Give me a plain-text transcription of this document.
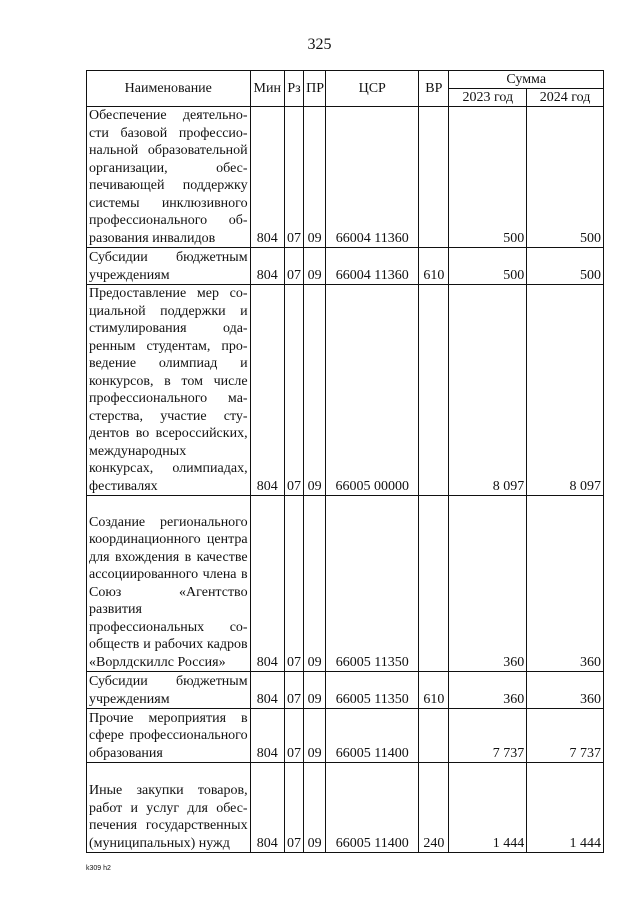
325
Наименование	Мин	Рз	ПР	ЦСР	ВР	Сумма	
						2023 год	2024 год
Обеспечение деятельности базовой профессиональной образовательной организации, обеспечивающей поддержку системы инклюзивного профессионального образования инвалидов	804	07	09	66004 11360		500	500
Субсидии бюджетным учреждениям	804	07	09	66004 11360	610	500	500
Предоставление мер социальной поддержки и стимулирования одаренным студентам, проведение олимпиад и конкурсов, в том числе профессионального мастерства, участие студентов во всероссийских, международных конкурсах, олимпиадах, фестивалях	804	07	09	66005 00000		8 097	8 097
Создание регионального координационного центра для вхождения в качестве ассоциированного члена в Союз «Агентство развития профессиональных сообществ и рабочих кадров «Ворлдскиллс Россия»	804	07	09	66005 11350		360	360
Субсидии бюджетным учреждениям	804	07	09	66005 11350	610	360	360
Прочие мероприятия в сфере профессионального образования	804	07	09	66005 11400		7 737	7 737
Иные закупки товаров, работ и услуг для обеспечения государственных (муниципальных) нужд	804	07	09	66005 11400	240	1 444	1 444
k309 h2
